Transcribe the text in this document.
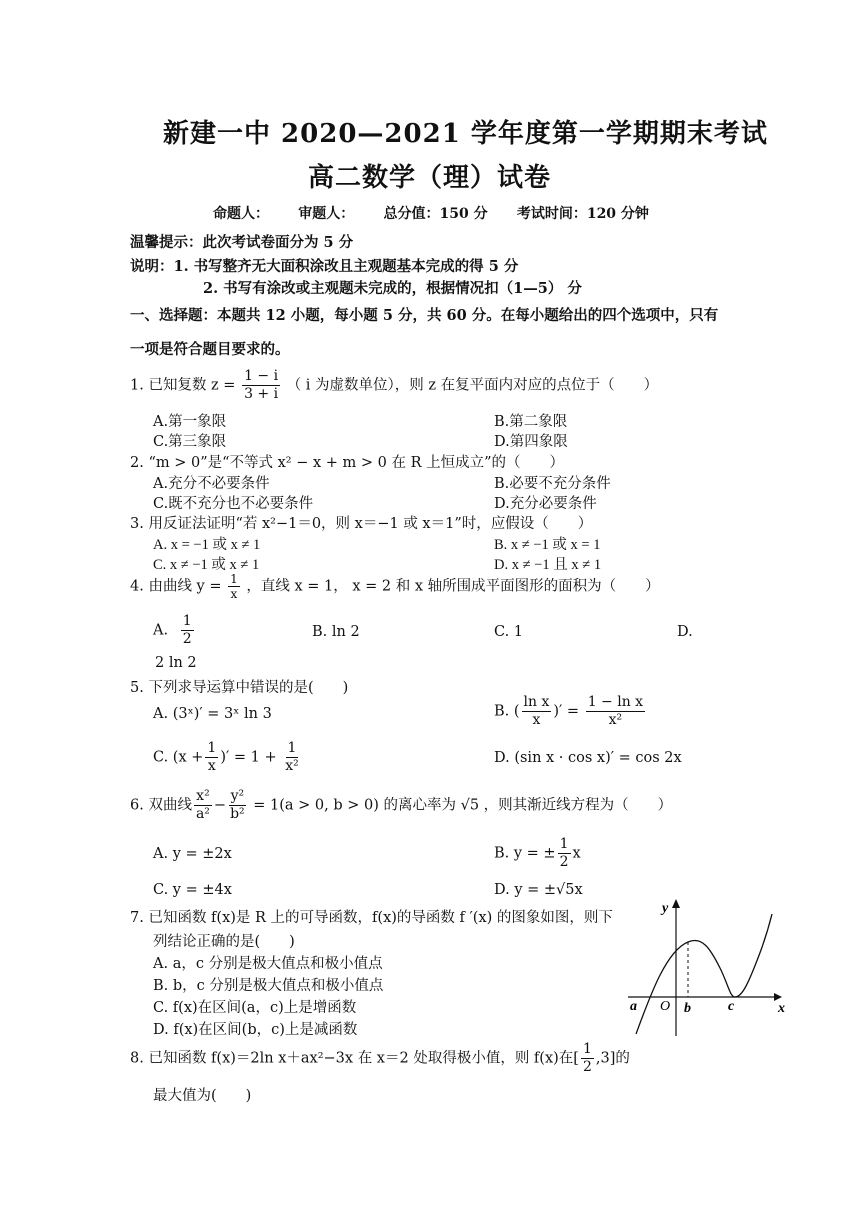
新建一中 2020—2021 学年度第一学期期末考试
高二数学（理）试卷
命题人：      审题人：      总分值：150 分      考试时间：120 分钟
温馨提示：此次考试卷面分为 5 分
说明：1. 书写整齐无大面积涂改且主观题基本完成的得 5 分
2. 书写有涂改或主观题未完成的，根据情况扣（1—5） 分
一、选择题：本题共 12 小题，每小题 5 分，共 60 分。在每小题给出的四个选项中，只有
一项是符合题目要求的。
1. 已知复数 $z = \frac{1 - i}{3 + i}$ （ i 为虚数单位），则 z 在复平面内对应的点位于（　　）
A.第一象限	B.第二象限
C.第三象限	D.第四象限
2. “m > 0”是“不等式 x² − x + m > 0 在 R 上恒成立”的（　　）
A.充分不必要条件	B.必要不充分条件
C.既不充分也不必要条件	D.充分必要条件
3. 用反证法证明“若 x²−1＝0，则 x＝−1 或 x＝1”时，应假设（　　）
A. x = −1 或 x ≠ 1	B. x ≠ −1 或 x = 1
C. x ≠ −1 或 x ≠ 1	D. x ≠ −1 且 x ≠ 1
4. 由曲线 $y = \frac{1}{x}$ ，直线 x = 1， x = 2 和 x 轴所围成平面图形的面积为（　　）
A. $\frac{1}{2}$	B. ln 2	C. 1	D.
2 ln 2
5. 下列求导运算中错误的是(　　)
A. (3ˣ)′ = 3ˣ ln 3	B. ( $\frac{\text{ln x}}{x}$ )′ = $\frac{\text{1 − ln x}}{\text{x²}}$
C. ($x + \frac{1}{x}$ )′ = $1 + \frac{1}{\text{x²}}$	D. (sin x · cos x)′ = cos 2x
6. 双曲线 $\frac{\text{x²}}{\text{a²}} - \frac{\text{y²}}{\text{b²}} = 1(a > 0$, b > 0) 的离心率为 √5 ，则其渐近线方程为（　　）
A. y = ±2x	B. y = ± $\frac{1}{2}$ x
C. y = ±4x	D. y = ±√5x
7. 已知函数 f(x)是 R 上的可导函数，f(x)的导函数 f ′(x) 的图象如图，则下
列结论正确的是(　　)
A. a，c 分别是极大值点和极小值点
B. b，c 分别是极大值点和极小值点
C. f(x)在区间(a，c)上是增函数
D. f(x)在区间(b，c)上是减函数
y
x
a O b	c
8. 已知函数 f(x)＝2ln x＋ax²−3x 在 x＝2 处取得极小值，则 f(x)在[ $\frac{1}{2} ,3$]的
最大值为(　　)
